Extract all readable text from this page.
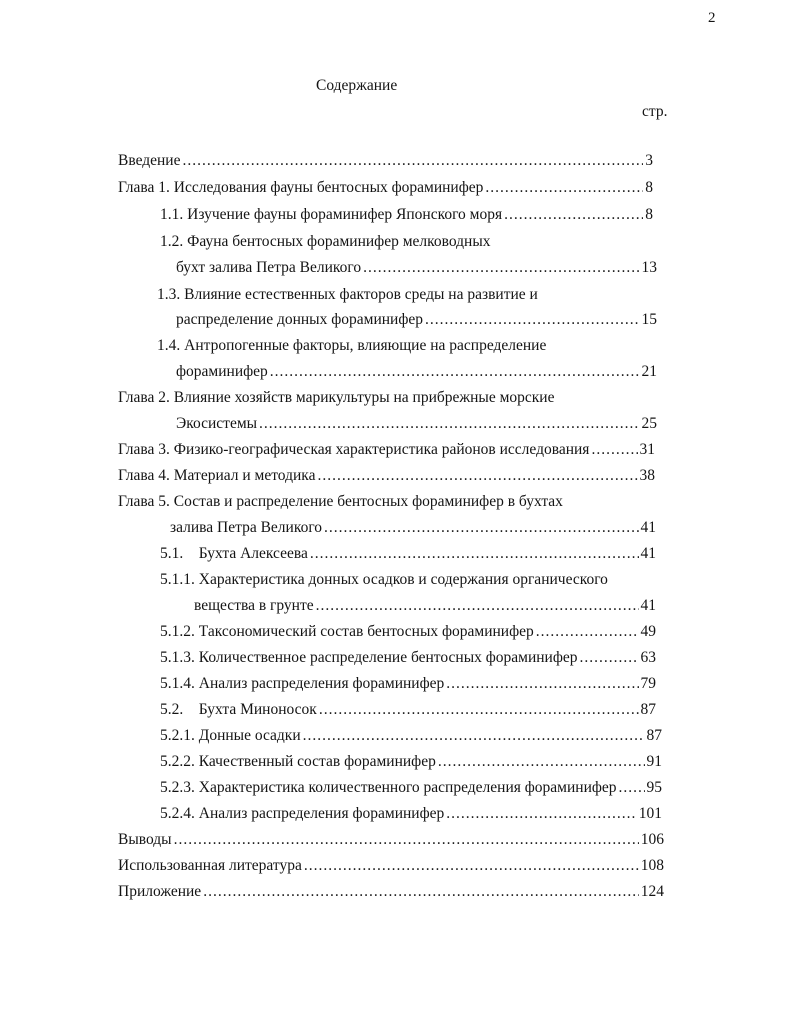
2
Содержание
стр.
Введение .....	3
Глава 1. Исследования фауны бентосных фораминифер .....	8
1.1. Изучение фауны фораминифер Японского моря .....	8
1.2. Фауна бентосных фораминифер мелководных
бухт залива Петра Великого .....	13
1.3. Влияние естественных факторов среды на развитие и
распределение донных фораминифер .....	15
1.4. Антропогенные факторы, влияющие на распределение
фораминифер .....	21
Глава 2. Влияние хозяйств марикультуры на прибрежные морские
Экосистемы .....	25
Глава 3. Физико-географическая характеристика районов исследования .....	31
Глава 4. Материал и методика .....	38
Глава 5. Состав и распределение бентосных фораминифер в бухтах
залива Петра Великого .....	41
5.1.    Бухта Алексеева .....	41
5.1.1. Характеристика донных осадков и содержания органического
вещества в грунте .....	41
5.1.2. Таксономический состав бентосных фораминифер .....	49
5.1.3. Количественное распределение бентосных фораминифер .....	63
5.1.4. Анализ распределения фораминифер .....	79
5.2.    Бухта Миноносок .....	87
5.2.1. Донные осадки .....	87
5.2.2. Качественный состав фораминифер .....	91
5.2.3. Характеристика количественного распределения фораминифер ..... 95
5.2.4. Анализ распределения фораминифер .....	101
Выводы .....	106
Использованная литература .....	108
Приложение .....	124
